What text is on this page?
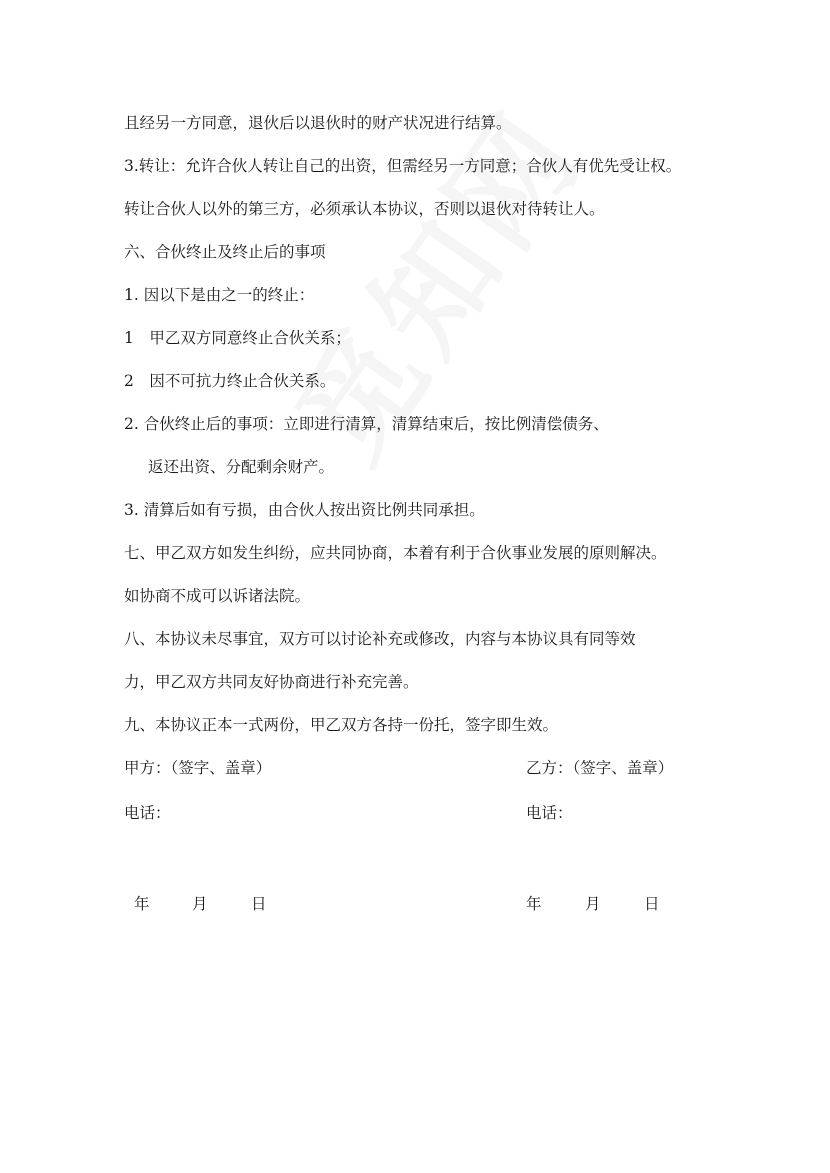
且经另一方同意，退伙后以退伙时的财产状况进行结算。
3.转让：允许合伙人转让自己的出资，但需经另一方同意；合伙人有优先受让权。
转让合伙人以外的第三方，必须承认本协议，否则以退伙对待转让人。
六、合伙终止及终止后的事项
1. 因以下是由之一的终止：
1　甲乙双方同意终止合伙关系；
2　因不可抗力终止合伙关系。
2. 合伙终止后的事项：立即进行清算，清算结束后，按比例清偿债务、
返还出资、分配剩余财产。
3. 清算后如有亏损，由合伙人按出资比例共同承担。
七、甲乙双方如发生纠纷，应共同协商，本着有利于合伙事业发展的原则解决。
如协商不成可以诉诸法院。
八、本协议未尽事宜，双方可以讨论补充或修改，内容与本协议具有同等效
力，甲乙双方共同友好协商进行补充完善。
九、本协议正本一式两份，甲乙双方各持一份托，签字即生效。
甲方：（签字、盖章）	乙方：（签字、盖章）
电话：	电话：
年	月	日	年	月	日
